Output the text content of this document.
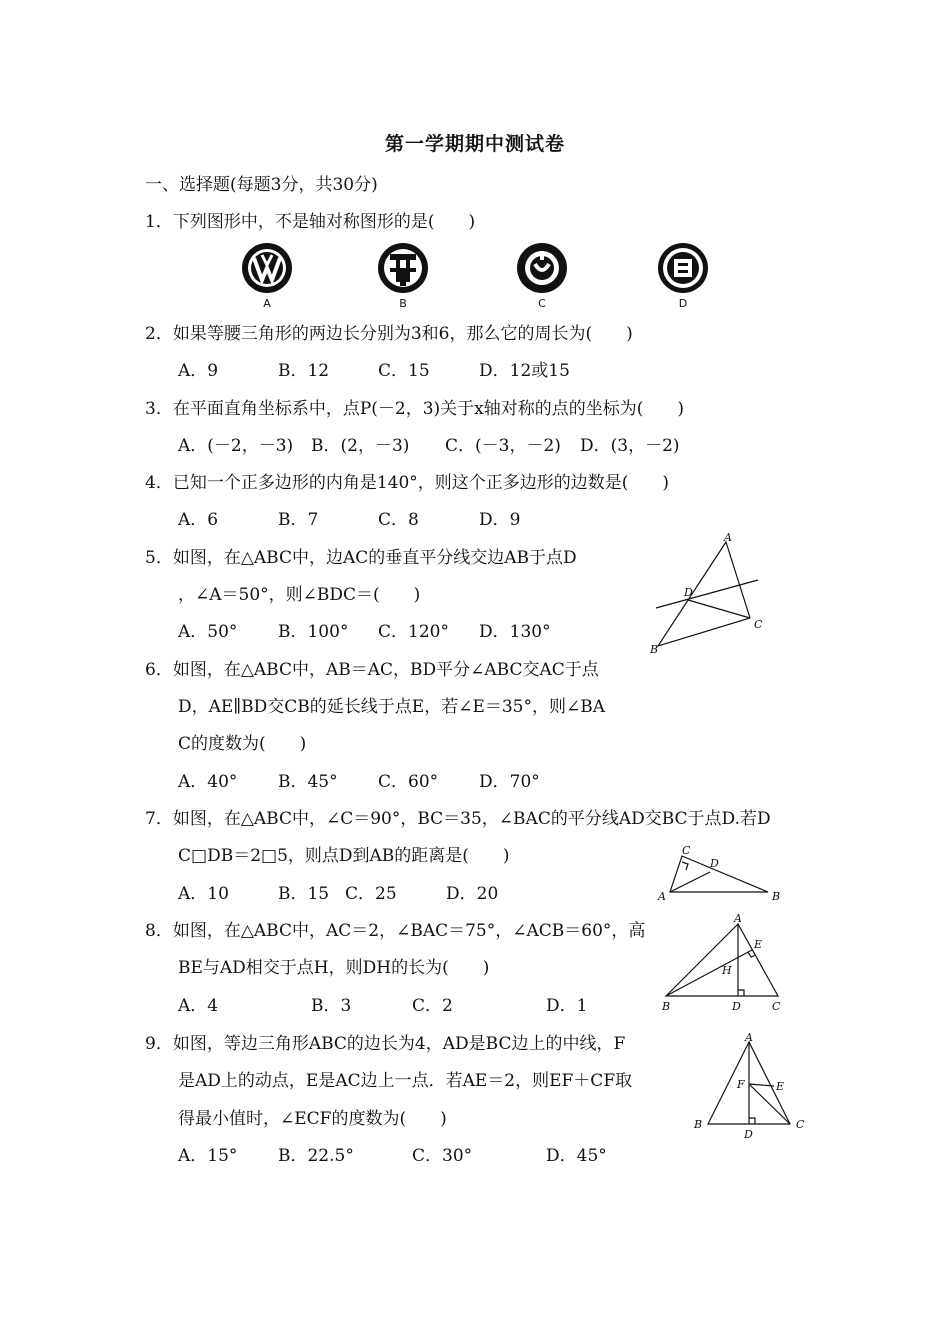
第一学期期中测试卷
一、选择题(每题3分，共30分)
1．下列图形中，不是轴对称图形的是(　　)
A	B	C	D
2．如果等腰三角形的两边长分别为3和6，那么它的周长为(　　)
A．9	B．12	C．15	D．12或15
3．在平面直角坐标系中，点P(－2，3)关于x轴对称的点的坐标为(　　)
A．(－2，－3) B．(2，－3) C．(－3，－2) D．(3，－2)
4．已知一个正多边形的内角是140°，则这个正多边形的边数是(　　)
A．6	B．7	C．8	D．9
5．如图，在△ABC中，边AC的垂直平分线交边AB于点D
，∠A＝50°，则∠BDC＝(　　)
A．50° B．100° C．120° D．130°
A
B
C
D
6．如图，在△ABC中，AB＝AC，BD平分∠ABC交AC于点
D，AE∥BD交CB的延长线于点E，若∠E＝35°，则∠BA
C的度数为(　　)
A．40° B．45° C．60° D．70°
7．如图，在△ABC中，∠C＝90°，BC＝35，∠BAC的平分线AD交BC于点D.若D
C□DB＝2□5，则点D到AB的距离是(　　)
A．10	B．15 C．25	D．20	A	B
C
D
8．如图，在△ABC中，AC＝2，∠BAC＝75°，∠ACB＝60°，高
BE与AD相交于点H，则DH的长为(　　)
A．4	B．3	C．2	D．1
A
B	C
D
E
H
9．如图，等边三角形ABC的边长为4，AD是BC边上的中线，F
是AD上的动点，E是AC边上一点．若AE＝2，则EF＋CF取
得最小值时，∠ECF的度数为(　　)
A．15° B．22.5°	C．30°	D．45°
A
B	C
D
E
F
